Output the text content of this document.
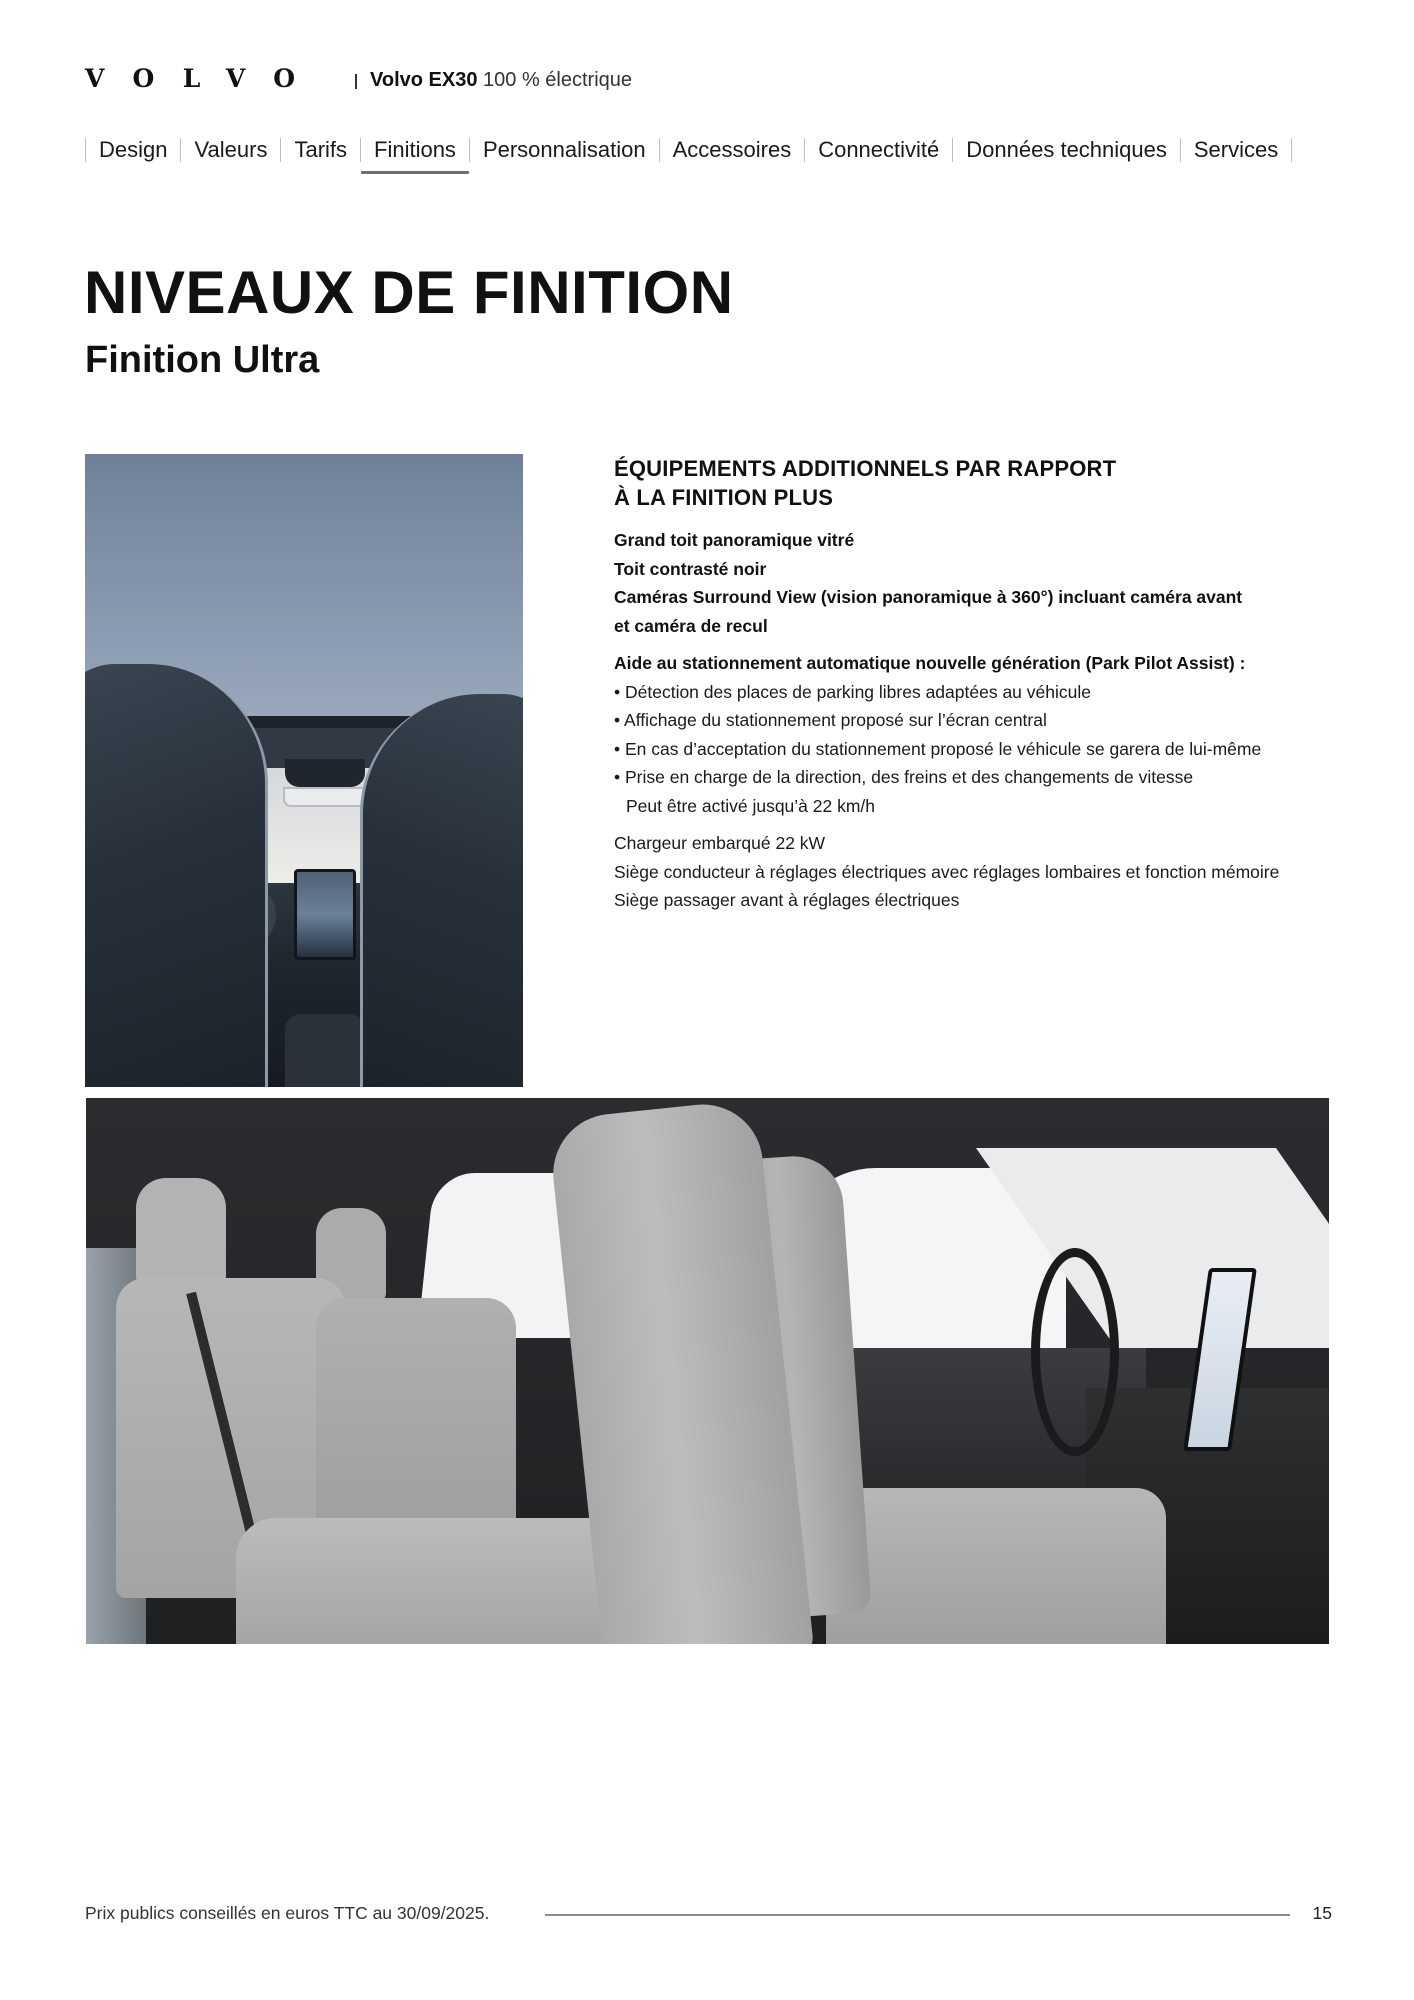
VOLVO Volvo EX30 100 % électrique
Design	Valeurs	Tarifs	Finitions	Personnalisation	Accessoires	Connectivité	Données techniques	Services
NIVEAUX DE FINITION
Finition Ultra
ÉQUIPEMENTS ADDITIONNELS PAR RAPPORT
À LA FINITION PLUS
Grand toit panoramique vitré
Toit contrasté noir
Caméras Surround View (vision panoramique à 360°) incluant caméra avant
et caméra de recul
Aide au stationnement automatique nouvelle génération (Park Pilot Assist) :
• Détection des places de parking libres adaptées au véhicule
• Affichage du stationnement proposé sur l’écran central
• En cas d’acceptation du stationnement proposé le véhicule se garera de lui-même
• Prise en charge de la direction, des freins et des changements de vitesse
Peut être activé jusqu’à 22 km/h
Chargeur embarqué 22 kW
Siège conducteur à réglages électriques avec réglages lombaires et fonction mémoire
Siège passager avant à réglages électriques
Prix publics conseillés en euros TTC au 30/09/2025.	15
